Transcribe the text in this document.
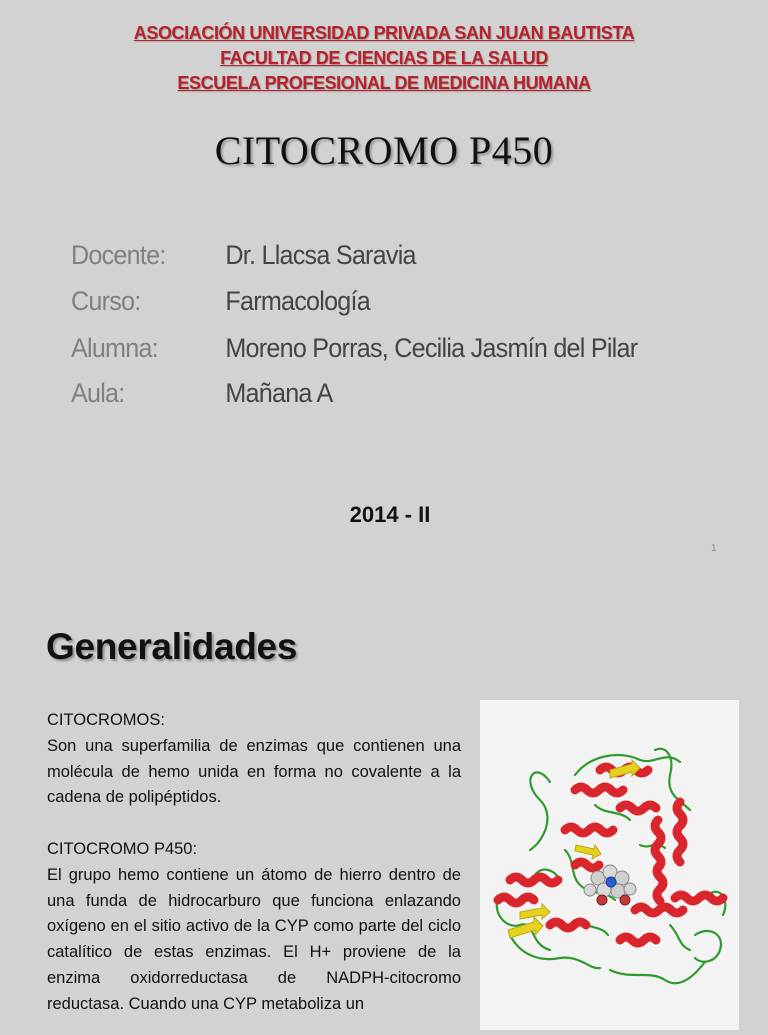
ASOCIACIÓN UNIVERSIDAD PRIVADA SAN JUAN BAUTISTA
FACULTAD DE CIENCIAS DE LA SALUD
ESCUELA PROFESIONAL DE MEDICINA HUMANA
CITOCROMO P450
Docente: Dr. Llacsa Saravia
Curso:	Farmacología
Alumna: Moreno Porras, Cecilia Jasmín del Pilar
Aula:	Mañana A
2014 - II
1
Generalidades
CITOCROMOS:

Son una superfamilia de enzimas que contienen una molécula de hemo unida en forma no covalente a la cadena de polipéptidos.

CITOCROMO P450:

El grupo hemo contiene un átomo de hierro dentro de una funda de hidrocarburo que funciona enlazando oxígeno en el sitio activo de la CYP como parte del ciclo catalítico de estas enzimas. El H+ proviene de la enzima oxidorreductasa de NADPH-citocromo reductasa. Cuando una CYP metaboliza un
